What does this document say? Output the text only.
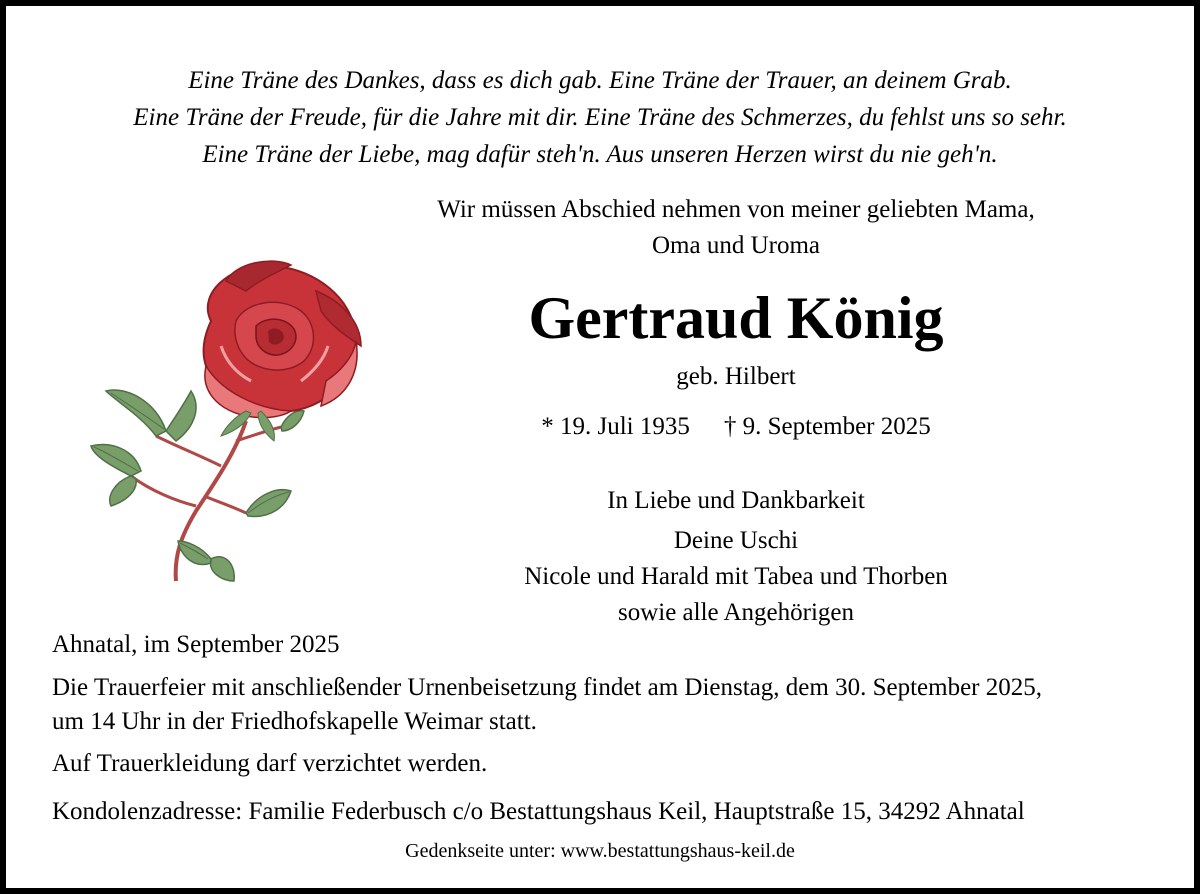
Eine Träne des Dankes, dass es dich gab. Eine Träne der Trauer, an deinem Grab.
Eine Träne der Freude, für die Jahre mit dir. Eine Träne des Schmerzes, du fehlst uns so sehr.
Eine Träne der Liebe, mag dafür steh'n. Aus unseren Herzen wirst du nie geh'n.
Wir müssen Abschied nehmen von meiner geliebten Mama,
Oma und Uroma
Gertraud König
geb. Hilbert
* 19. Juli 1935 † 9. September 2025
In Liebe und Dankbarkeit
Deine Uschi
Nicole und Harald mit Tabea und Thorben
sowie alle Angehörigen

Ahnatal, im September 2025

Die Trauerfeier mit anschließender Urnenbeisetzung findet am Dienstag, dem 30. September 2025,

um 14 Uhr in der Friedhofskapelle Weimar statt.

Auf Trauerkleidung darf verzichtet werden.

Kondolenzadresse: Familie Federbusch c/o Bestattungshaus Keil, Hauptstraße 15, 34292 Ahnatal

Gedenkseite unter: www.bestattungshaus-keil.de
